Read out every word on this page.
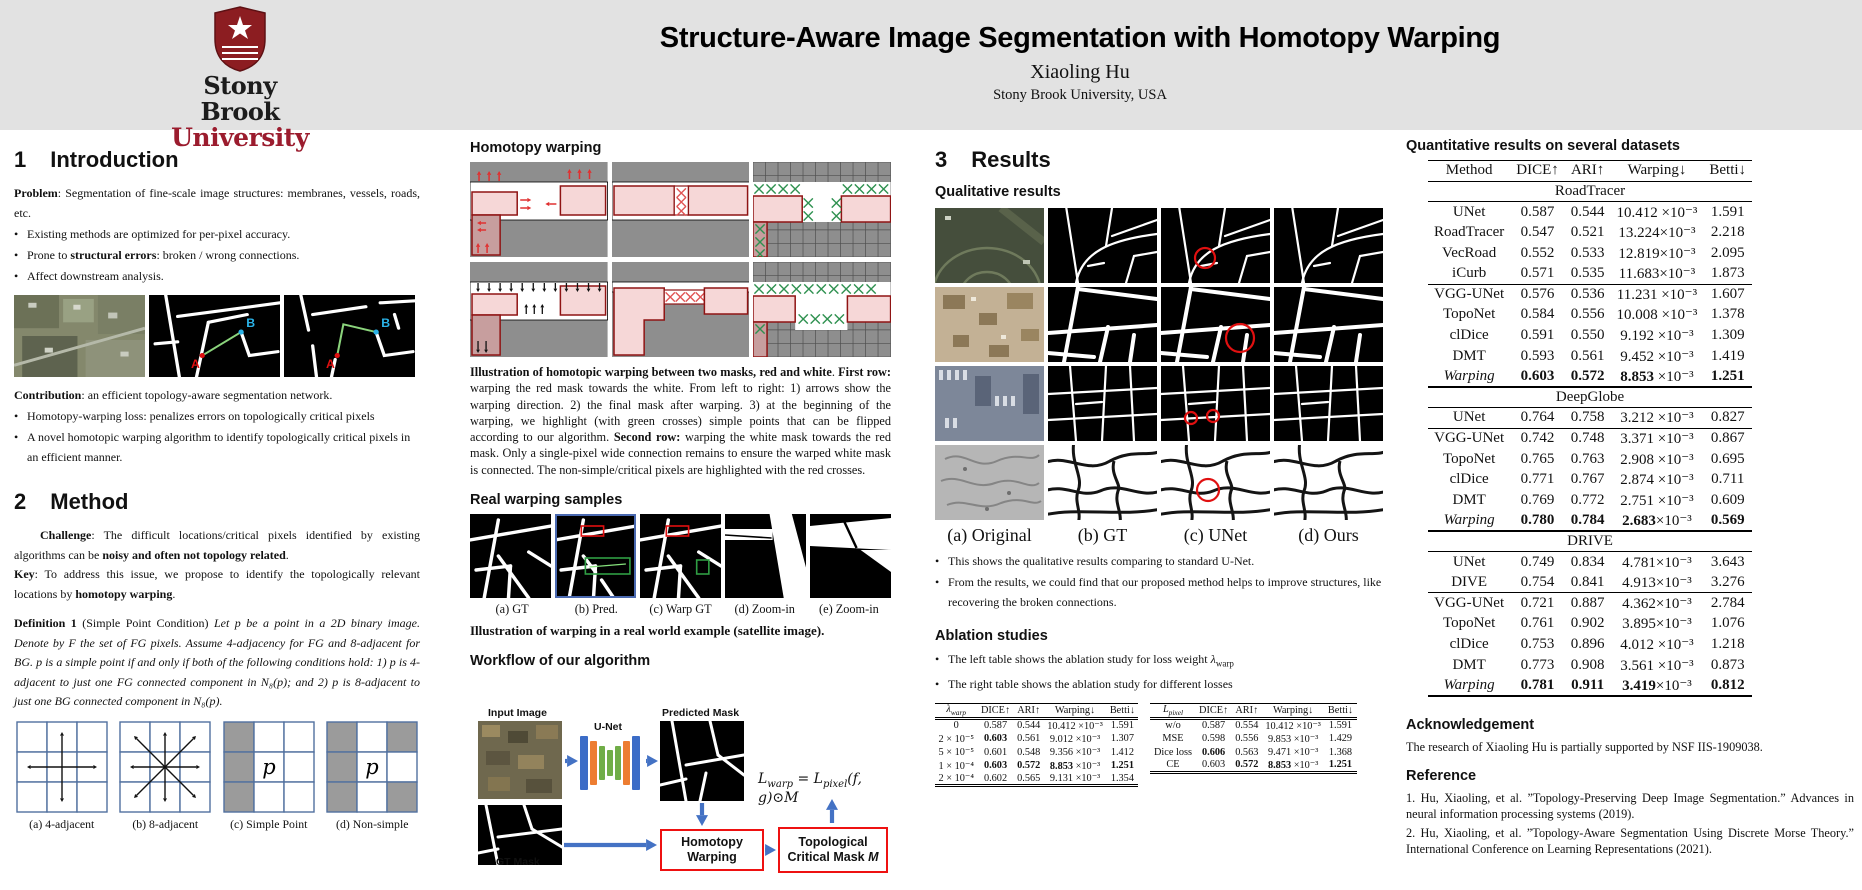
Stony Brook
University
Structure-Aware Image Segmentation with Homotopy Warping
Xiaoling Hu
Stony Brook University, USA
1 Introduction

Problem: Segmentation of fine-scale image structures: membranes, vessels, roads, etc.

• Existing methods are optimized for per-pixel accuracy.
• Prone to structural errors: broken / wrong connections.
• Affect downstream analysis.
A
B
A
B

Contribution: an efficient topology-aware segmentation network.

• Homotopy-warping loss: penalizes errors on topologically critical pixels
• A novel homotopic warping algorithm to identify topologically critical pixels in an efficient manner.
2 Method

Challenge: The difficult locations/critical pixels identified by existing algorithms can be noisy and often not topology related.

Key: To address this issue, we propose to identify the topologically relevant locations by homotopy warping.

Definition 1 (Simple Point Condition) Let p be a point in a 2D binary image. Denote by F the set of FG pixels. Assume 4-adjacency for FG and 8-adjacent for BG. p is a simple point if and only if both of the following conditions hold: 1) p is 4-adjacent to just one FG connected component in N₈(p); and 2) p is 8-adjacent to just one BG connected component in N₈(p).

(a) 4-adjacent	(b) 8-adjacent
p
(c) Simple Point
p
(d) Non-simple
Homotopy warping

Illustration of homotopic warping between two masks, red and white. First row: warping the red mask towards the white. From left to right: 1) arrows show the warping direction. 2) the final mask after warping. 3) at the beginning of the warping, we highlight (with green crosses) simple points that can be flipped according to our algorithm. Second row: warping the white mask towards the red mask. Only a single-pixel wide connection remains to ensure the warped white mask is connected. The non-simple/critical pixels are highlighted with the red crosses.

Real warping samples
(a) GT	(b) Pred.	(c) Warp GT	(d) Zoom-in	(e) Zoom-in

Illustration of warping in a real world example (satellite image).

Workflow of our algorithm
Input Image
U-Net
Predicted Mask
GT Mask
Homotopy
Warping
Topological
Critical Mask M
$L_{warp} = L_{pixel}(f$, g)⊙M
3 Results
Qualitative results
(a) Original	(b) GT	(c) UNet	(d) Ours
• This shows the qualitative results comparing to standard U-Net.
• From the results, we could find that our proposed method helps to improve structures, like recovering the broken connections.
Ablation studies
• The left table shows the ablation study for loss weight $\lambda_{warp}$
• The right table shows the ablation study for different losses
$\lambda_{warp}$	DICE↑	ARI↑	Warping↓	Betti↓
0	0.587	0.544	10.412 ×10⁻³	1.591
2 × 10⁻⁵	0.603	0.561	9.012 ×10⁻³	1.307
5 × 10⁻⁵	0.601	0.548	9.356 ×10⁻³	1.412
1 × 10⁻⁴	0.603	0.572	8.853 ×10⁻³	1.251
2 × 10⁻⁴	0.602	0.565	9.131 ×10⁻³	1.354
$L_{pixel}$	DICE↑	ARI↑	Warping↓	Betti↓
w/o	0.587	0.554	10.412 ×10⁻³	1.591
MSE	0.598	0.556	9.853 ×10⁻³	1.429
Dice loss	0.606	0.563	9.471 ×10⁻³	1.368
CE	0.603	0.572	8.853 ×10⁻³	1.251
Quantitative results on several datasets
Method	DICE↑	ARI↑	Warping↓	Betti↓
RoadTracer				
UNet	0.587	0.544	10.412 ×10⁻³	1.591
RoadTracer	0.547	0.521	13.224×10⁻³	2.218
VecRoad	0.552	0.533	12.819×10⁻³	2.095
iCurb	0.571	0.535	11.683×10⁻³	1.873
VGG-UNet	0.576	0.536	11.231 ×10⁻³	1.607
TopoNet	0.584	0.556	10.008 ×10⁻³	1.378
clDice	0.591	0.550	9.192 ×10⁻³	1.309
DMT	0.593	0.561	9.452 ×10⁻³	1.419
Warping	0.603	0.572	8.853 ×10⁻³	1.251
DeepGlobe				
UNet	0.764	0.758	3.212 ×10⁻³	0.827
VGG-UNet	0.742	0.748	3.371 ×10⁻³	0.867
TopoNet	0.765	0.763	2.908 ×10⁻³	0.695
clDice	0.771	0.767	2.874 ×10⁻³	0.711
DMT	0.769	0.772	2.751 ×10⁻³	0.609
Warping	0.780	0.784	2.683×10⁻³	0.569
DRIVE				
UNet	0.749	0.834	4.781×10⁻³	3.643
DIVE	0.754	0.841	4.913×10⁻³	3.276
VGG-UNet	0.721	0.887	4.362×10⁻³	2.784
TopoNet	0.761	0.902	3.895×10⁻³	1.076
clDice	0.753	0.896	4.012 ×10⁻³	1.218
DMT	0.773	0.908	3.561 ×10⁻³	0.873
Warping	0.781	0.911	3.419×10⁻³	0.812
Acknowledgement

The research of Xiaoling Hu is partially supported by NSF IIS-1909038.

Reference

1. Hu, Xiaoling, et al. ”Topology-Preserving Deep Image Segmentation.” Advances in neural information processing systems (2019).

2. Hu, Xiaoling, et al. ”Topology-Aware Segmentation Using Discrete Morse Theory.” International Conference on Learning Representations (2021).
